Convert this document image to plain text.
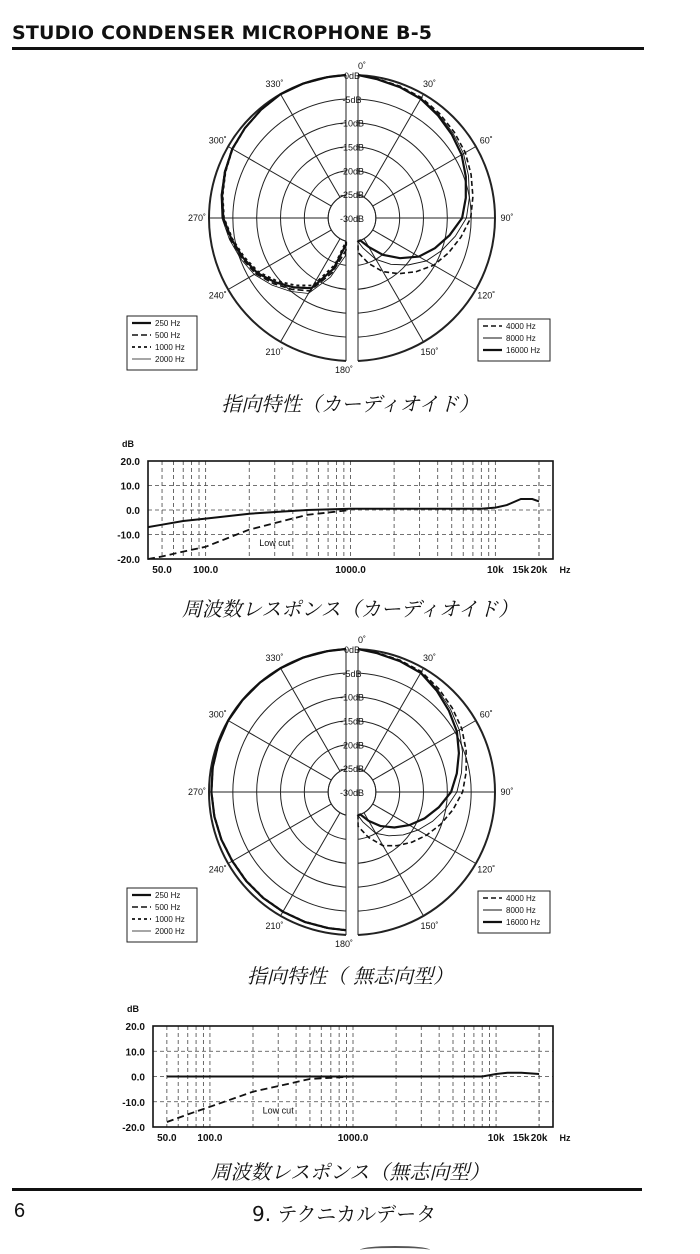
STUDIO CONDENSER MICROPHONE B-5
0dB
-5dB
-10dB
-15dB
-20dB
-25dB
-30dB
0˚
30˚
60˚
90˚
120˚
150˚
180˚
210˚
240˚
270˚
300˚
330˚
250 Hz
500 Hz
1000 Hz
2000 Hz
4000 Hz
8000 Hz
16000 Hz
指向特性（カーディオイド）
20.0
10.0
0.0
-10.0
-20.0
dB
50.0 100.0	1000.0	10k 15k 20k Hz
Low cut
周波数レスポンス（カーディオイド）
0dB
-5dB
-10dB
-15dB
-20dB
-25dB
-30dB
0˚
30˚
60˚
90˚
120˚
150˚
180˚
210˚
240˚
270˚
300˚
330˚
250 Hz
500 Hz
1000 Hz
2000 Hz
4000 Hz
8000 Hz
16000 Hz
指向特性（ 無志向型）
20.0
10.0
0.0
-10.0
-20.0
dB
50.0 100.0	1000.0	10k 15k 20k Hz
Low cut
周波数レスポンス（無志向型）
6	9. テクニカルデータ
